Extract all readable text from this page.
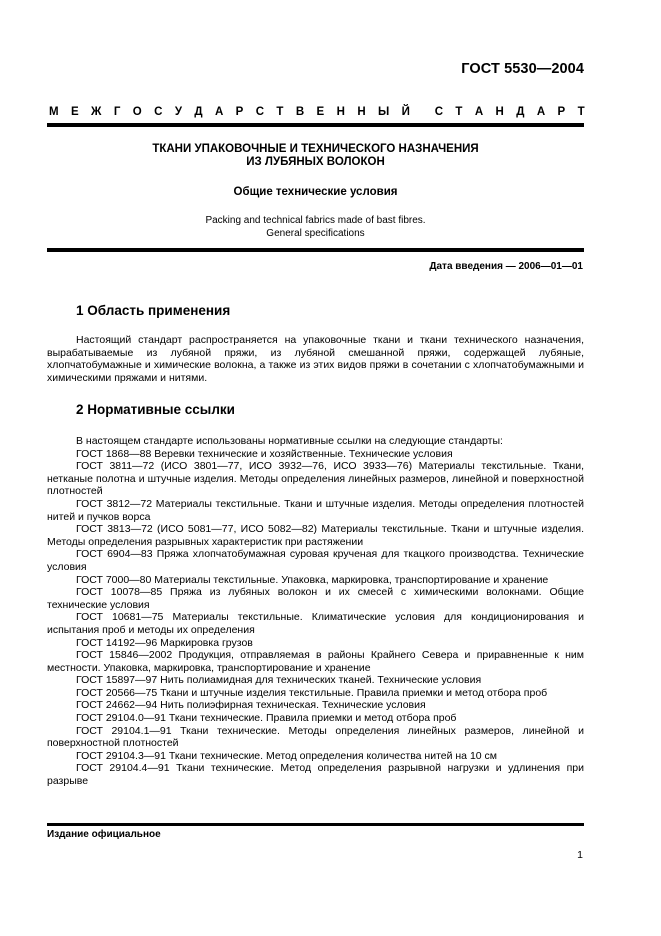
ГОСТ 5530—2004
М Е Ж Г О С У Д А Р С Т В Е Н Н Ы Й С Т А Н Д А Р Т
ТКАНИ УПАКОВОЧНЫЕ И ТЕХНИЧЕСКОГО НАЗНАЧЕНИЯ
ИЗ ЛУБЯНЫХ ВОЛОКОН
Общие технические условия
Packing and technical fabrics made of bast fibres.
General specifications
Дата введения — 2006—01—01
1 Область применения

Настоящий стандарт распространяется на упаковочные ткани и ткани технического назначения, вырабатываемые из лубяной пряжи, из лубяной смешанной пряжи, содержащей лубяные, хлопчатобумажные и химические волокна, а также из этих видов пряжи в сочетании с хлопчатобумажными и химическими пряжами и нитями.

2 Нормативные ссылки

В настоящем стандарте использованы нормативные ссылки на следующие стандарты:

ГОСТ 1868—88 Веревки технические и хозяйственные. Технические условия

ГОСТ 3811—72 (ИСО 3801—77, ИСО 3932—76, ИСО 3933—76) Материалы текстильные. Ткани, нетканые полотна и штучные изделия. Методы определения линейных размеров, линейной и поверхностной плотностей

ГОСТ 3812—72 Материалы текстильные. Ткани и штучные изделия. Методы определения плотностей нитей и пучков ворса

ГОСТ 3813—72 (ИСО 5081—77, ИСО 5082—82) Материалы текстильные. Ткани и штучные изделия. Методы определения разрывных характеристик при растяжении

ГОСТ 6904—83 Пряжа хлопчатобумажная суровая крученая для ткацкого производства. Технические условия

ГОСТ 7000—80 Материалы текстильные. Упаковка, маркировка, транспортирование и хранение

ГОСТ 10078—85 Пряжа из лубяных волокон и их смесей с химическими волокнами. Общие технические условия

ГОСТ 10681—75 Материалы текстильные. Климатические условия для кондиционирования и испытания проб и методы их определения

ГОСТ 14192—96 Маркировка грузов

ГОСТ 15846—2002 Продукция, отправляемая в районы Крайнего Севера и приравненные к ним местности. Упаковка, маркировка, транспортирование и хранение

ГОСТ 15897—97 Нить полиамидная для технических тканей. Технические условия

ГОСТ 20566—75 Ткани и штучные изделия текстильные. Правила приемки и метод отбора проб

ГОСТ 24662—94 Нить полиэфирная техническая. Технические условия

ГОСТ 29104.0—91 Ткани технические. Правила приемки и метод отбора проб

ГОСТ 29104.1—91 Ткани технические. Методы определения линейных размеров, линейной и поверхностной плотностей

ГОСТ 29104.3—91 Ткани технические. Метод определения количества нитей на 10 см

ГОСТ 29104.4—91 Ткани технические. Метод определения разрывной нагрузки и удлинения при разрыве

Издание официальное
1
